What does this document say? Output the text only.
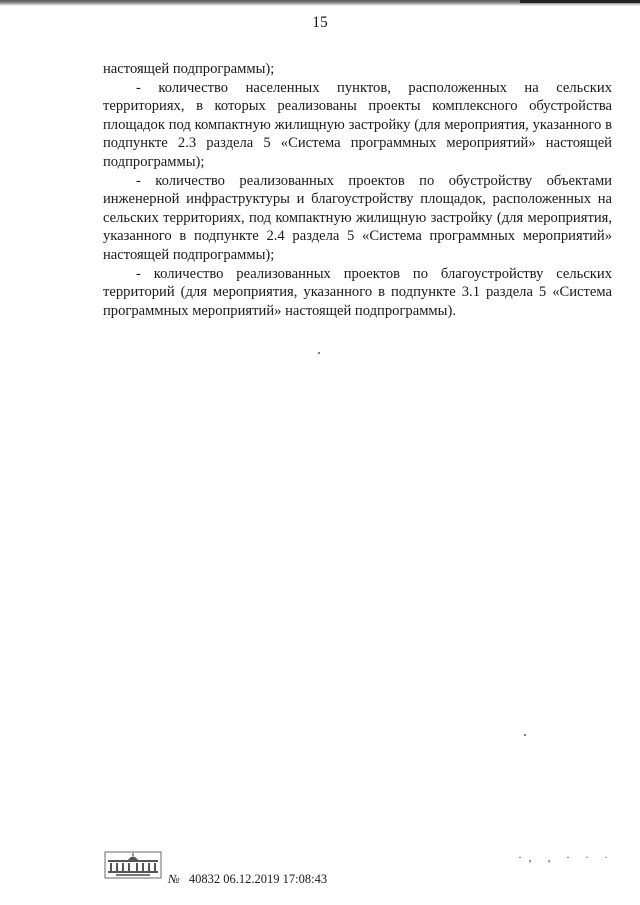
15

настоящей подпрограммы);

- количество населенных пунктов, расположенных на сельских территориях, в которых реализованы проекты комплексного обустройства площадок под компактную жилищную застройку (для мероприятия, указанного в подпункте 2.3 раздела 5 «Система программных мероприятий» настоящей подпрограммы);

- количество реализованных проектов по обустройству объектами инженерной инфраструктуры и благоустройству площадок, расположенных на сельских территориях, под компактную жилищную застройку (для мероприятия, указанного в подпункте 2.4 раздела 5 «Система программных мероприятий» настоящей подпрограммы);

- количество реализованных проектов по благоустройству сельских территорий (для мероприятия, указанного в подпункте 3.1 раздела 5 «Система программных мероприятий» настоящей подпрограммы).

№ 40832 06.12.2019 17:08:43
·‚ ‚ · · ·
